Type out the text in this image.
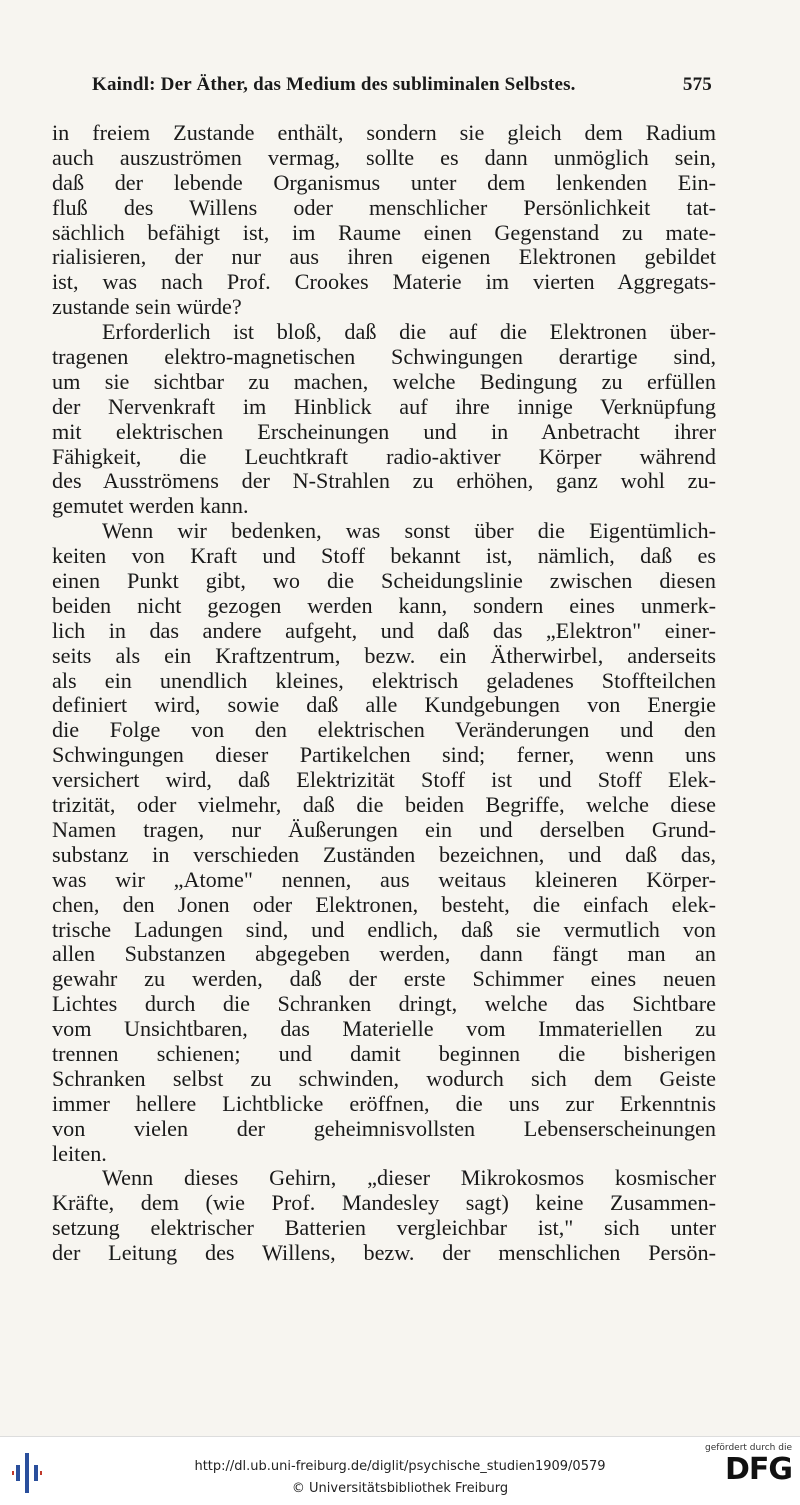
Kaindl: Der Äther, das Medium des subliminalen Selbstes.	575
in freiem Zustande enthält, sondern sie gleich dem Radium
auch auszuströmen vermag, sollte es dann unmöglich sein,
daß der lebende Organismus unter dem lenkenden Ein-
fluß des Willens oder menschlicher Persönlichkeit tat-
sächlich befähigt ist, im Raume einen Gegenstand zu mate-
rialisieren, der nur aus ihren eigenen Elektronen gebildet
ist, was nach Prof. Crookes Materie im vierten Aggregats-
zustande sein würde?
Erforderlich ist bloß, daß die auf die Elektronen über-
tragenen elektro-magnetischen Schwingungen derartige sind,
um sie sichtbar zu machen, welche Bedingung zu erfüllen
der Nervenkraft im Hinblick auf ihre innige Verknüpfung
mit elektrischen Erscheinungen und in Anbetracht ihrer
Fähigkeit, die Leuchtkraft radio-aktiver Körper während
des Ausströmens der N-Strahlen zu erhöhen, ganz wohl zu-
gemutet werden kann.
Wenn wir bedenken, was sonst über die Eigentümlich-
keiten von Kraft und Stoff bekannt ist, nämlich, daß es
einen Punkt gibt, wo die Scheidungslinie zwischen diesen
beiden nicht gezogen werden kann, sondern eines unmerk-
lich in das andere aufgeht, und daß das „Elektron" einer-
seits als ein Kraftzentrum, bezw. ein Ätherwirbel, anderseits
als ein unendlich kleines, elektrisch geladenes Stoffteilchen
definiert wird, sowie daß alle Kundgebungen von Energie
die Folge von den elektrischen Veränderungen und den
Schwingungen dieser Partikelchen sind; ferner, wenn uns
versichert wird, daß Elektrizität Stoff ist und Stoff Elek-
trizität, oder vielmehr, daß die beiden Begriffe, welche diese
Namen tragen, nur Äußerungen ein und derselben Grund-
substanz in verschieden Zuständen bezeichnen, und daß das,
was wir „Atome" nennen, aus weitaus kleineren Körper-
chen, den Jonen oder Elektronen, besteht, die einfach elek-
trische Ladungen sind, und endlich, daß sie vermutlich von
allen Substanzen abgegeben werden, dann fängt man an
gewahr zu werden, daß der erste Schimmer eines neuen
Lichtes durch die Schranken dringt, welche das Sichtbare
vom Unsichtbaren, das Materielle vom Immateriellen zu
trennen schienen; und damit beginnen die bisherigen
Schranken selbst zu schwinden, wodurch sich dem Geiste
immer hellere Lichtblicke eröffnen, die uns zur Erkenntnis
von vielen der geheimnisvollsten Lebenserscheinungen
leiten.
Wenn dieses Gehirn, „dieser Mikrokosmos kosmischer
Kräfte, dem (wie Prof. Mandesley sagt) keine Zusammen-
setzung elektrischer Batterien vergleichbar ist," sich unter
der Leitung des Willens, bezw. der menschlichen Persön-
http://dl.ub.uni-freiburg.de/diglit/psychische_studien1909/0579
© Universitätsbibliothek Freiburg
gefördert durch die
DFG
